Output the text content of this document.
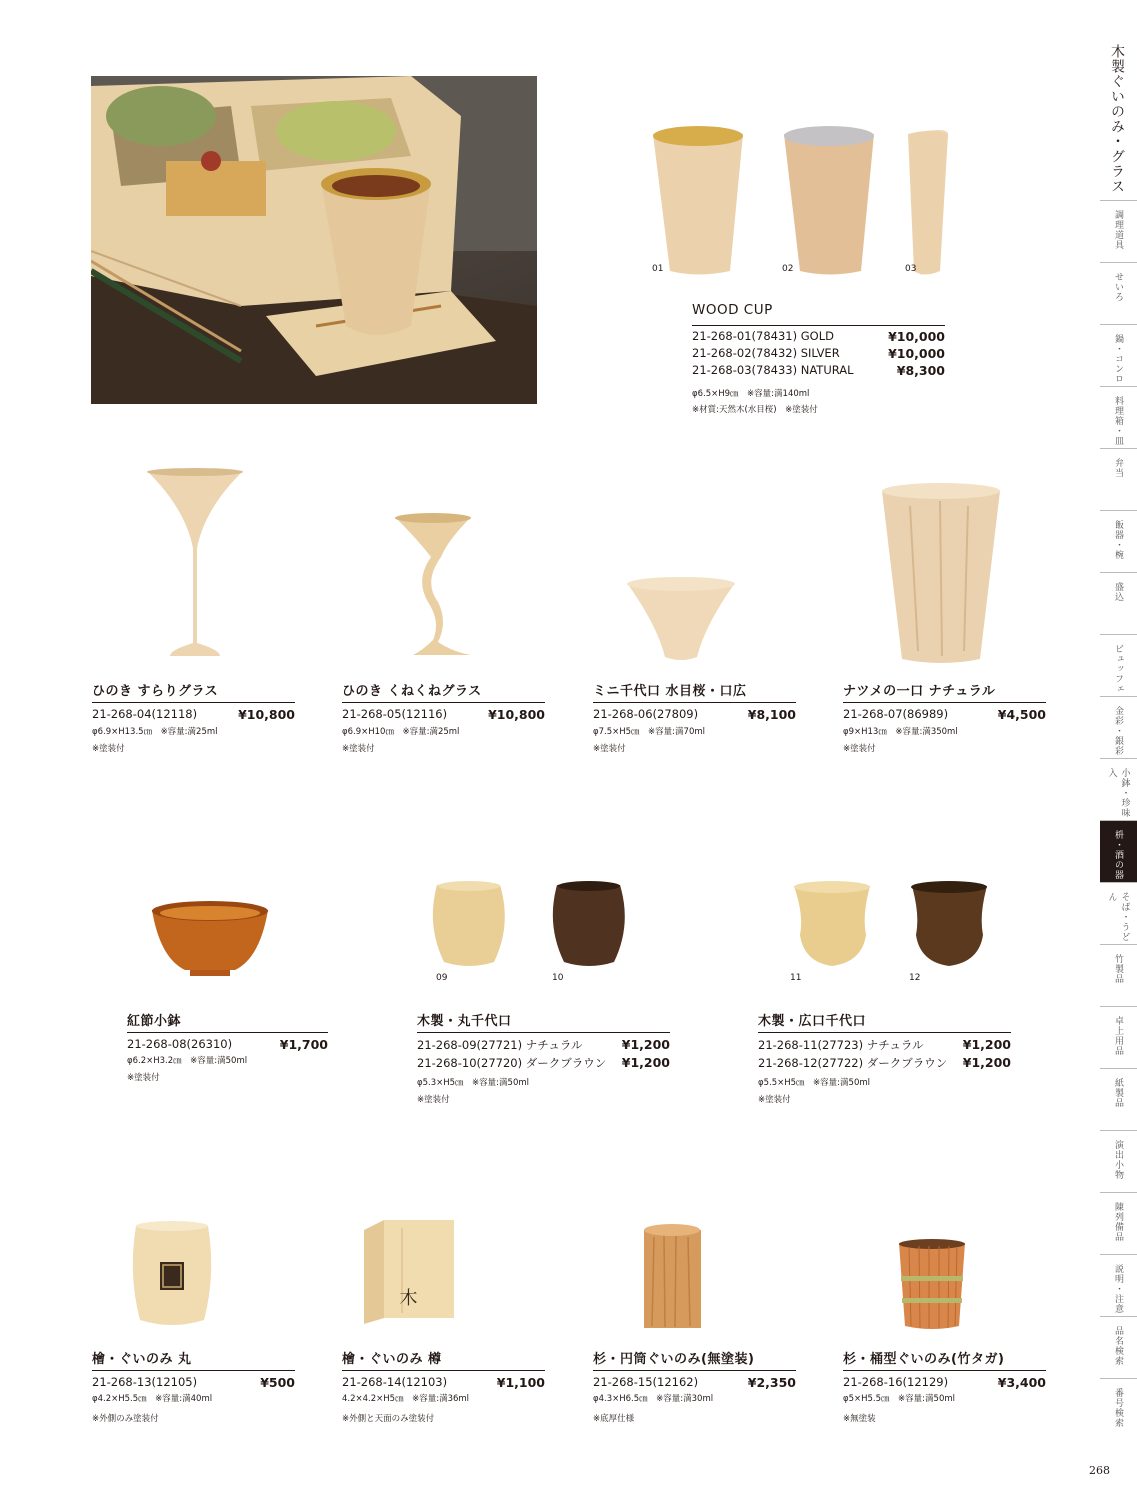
01	02	03
WOOD CUP
21-268-01(78431) GOLD	¥10,000
21-268-02(78432) SILVER	¥10,000
21-268-03(78433) NATURAL	¥8,300
φ6.5×H9㎝　※容量:満140ml
※材質:天然木(水目桜)　※塗装付
ひのき すらりグラス
21-268-04(12118)	¥10,800
φ6.9×H13.5㎝　※容量:満25ml
※塗装付
ひのき くねくねグラス
21-268-05(12116)	¥10,800
φ6.9×H10㎝　※容量:満25ml
※塗装付
ミニ千代口 水目桜・口広
21-268-06(27809)	¥8,100
φ7.5×H5㎝　※容量:満70ml
※塗装付
ナツメの一口 ナチュラル
21-268-07(86989)	¥4,500
φ9×H13㎝　※容量:満350ml
※塗装付
09	10	11	12
紅節小鉢
21-268-08(26310)	¥1,700
φ6.2×H3.2㎝　※容量:満50ml
※塗装付
木製・丸千代口
21-268-09(27721) ナチュラル	¥1,200
21-268-10(27720) ダークブラウン	¥1,200
φ5.3×H5㎝　※容量:満50ml
※塗装付
木製・広口千代口
21-268-11(27723) ナチュラル	¥1,200
21-268-12(27722) ダークブラウン	¥1,200
φ5.5×H5㎝　※容量:満50ml
※塗装付
木
檜・ぐいのみ 丸
21-268-13(12105)	¥500
φ4.2×H5.5㎝　※容量:満40ml
※外側のみ塗装付
檜・ぐいのみ 樽
21-268-14(12103)	¥1,100
4.2×4.2×H5㎝　※容量:満36ml
※外側と天面のみ塗装付
杉・円筒ぐいのみ(無塗装)
21-268-15(12162)	¥2,350
φ4.3×H6.5㎝　※容量:満30ml
※底厚仕様
杉・桶型ぐいのみ(竹タガ)
21-268-16(12129)	¥3,400
φ5×H5.5㎝　※容量:満50ml
※無塗装
木製ぐいのみ・グラス
調理道具
せいろ
鍋・コンロ
料理箱・皿
弁当
飯器・椀
盛込
ビュッフェ
金彩・銀彩
小鉢・珍味入
枡・酒の器
そば・うどん
竹製品
卓上用品
紙製品
演出小物
陳列備品
説明・注意
品名検索
番号検索
268
